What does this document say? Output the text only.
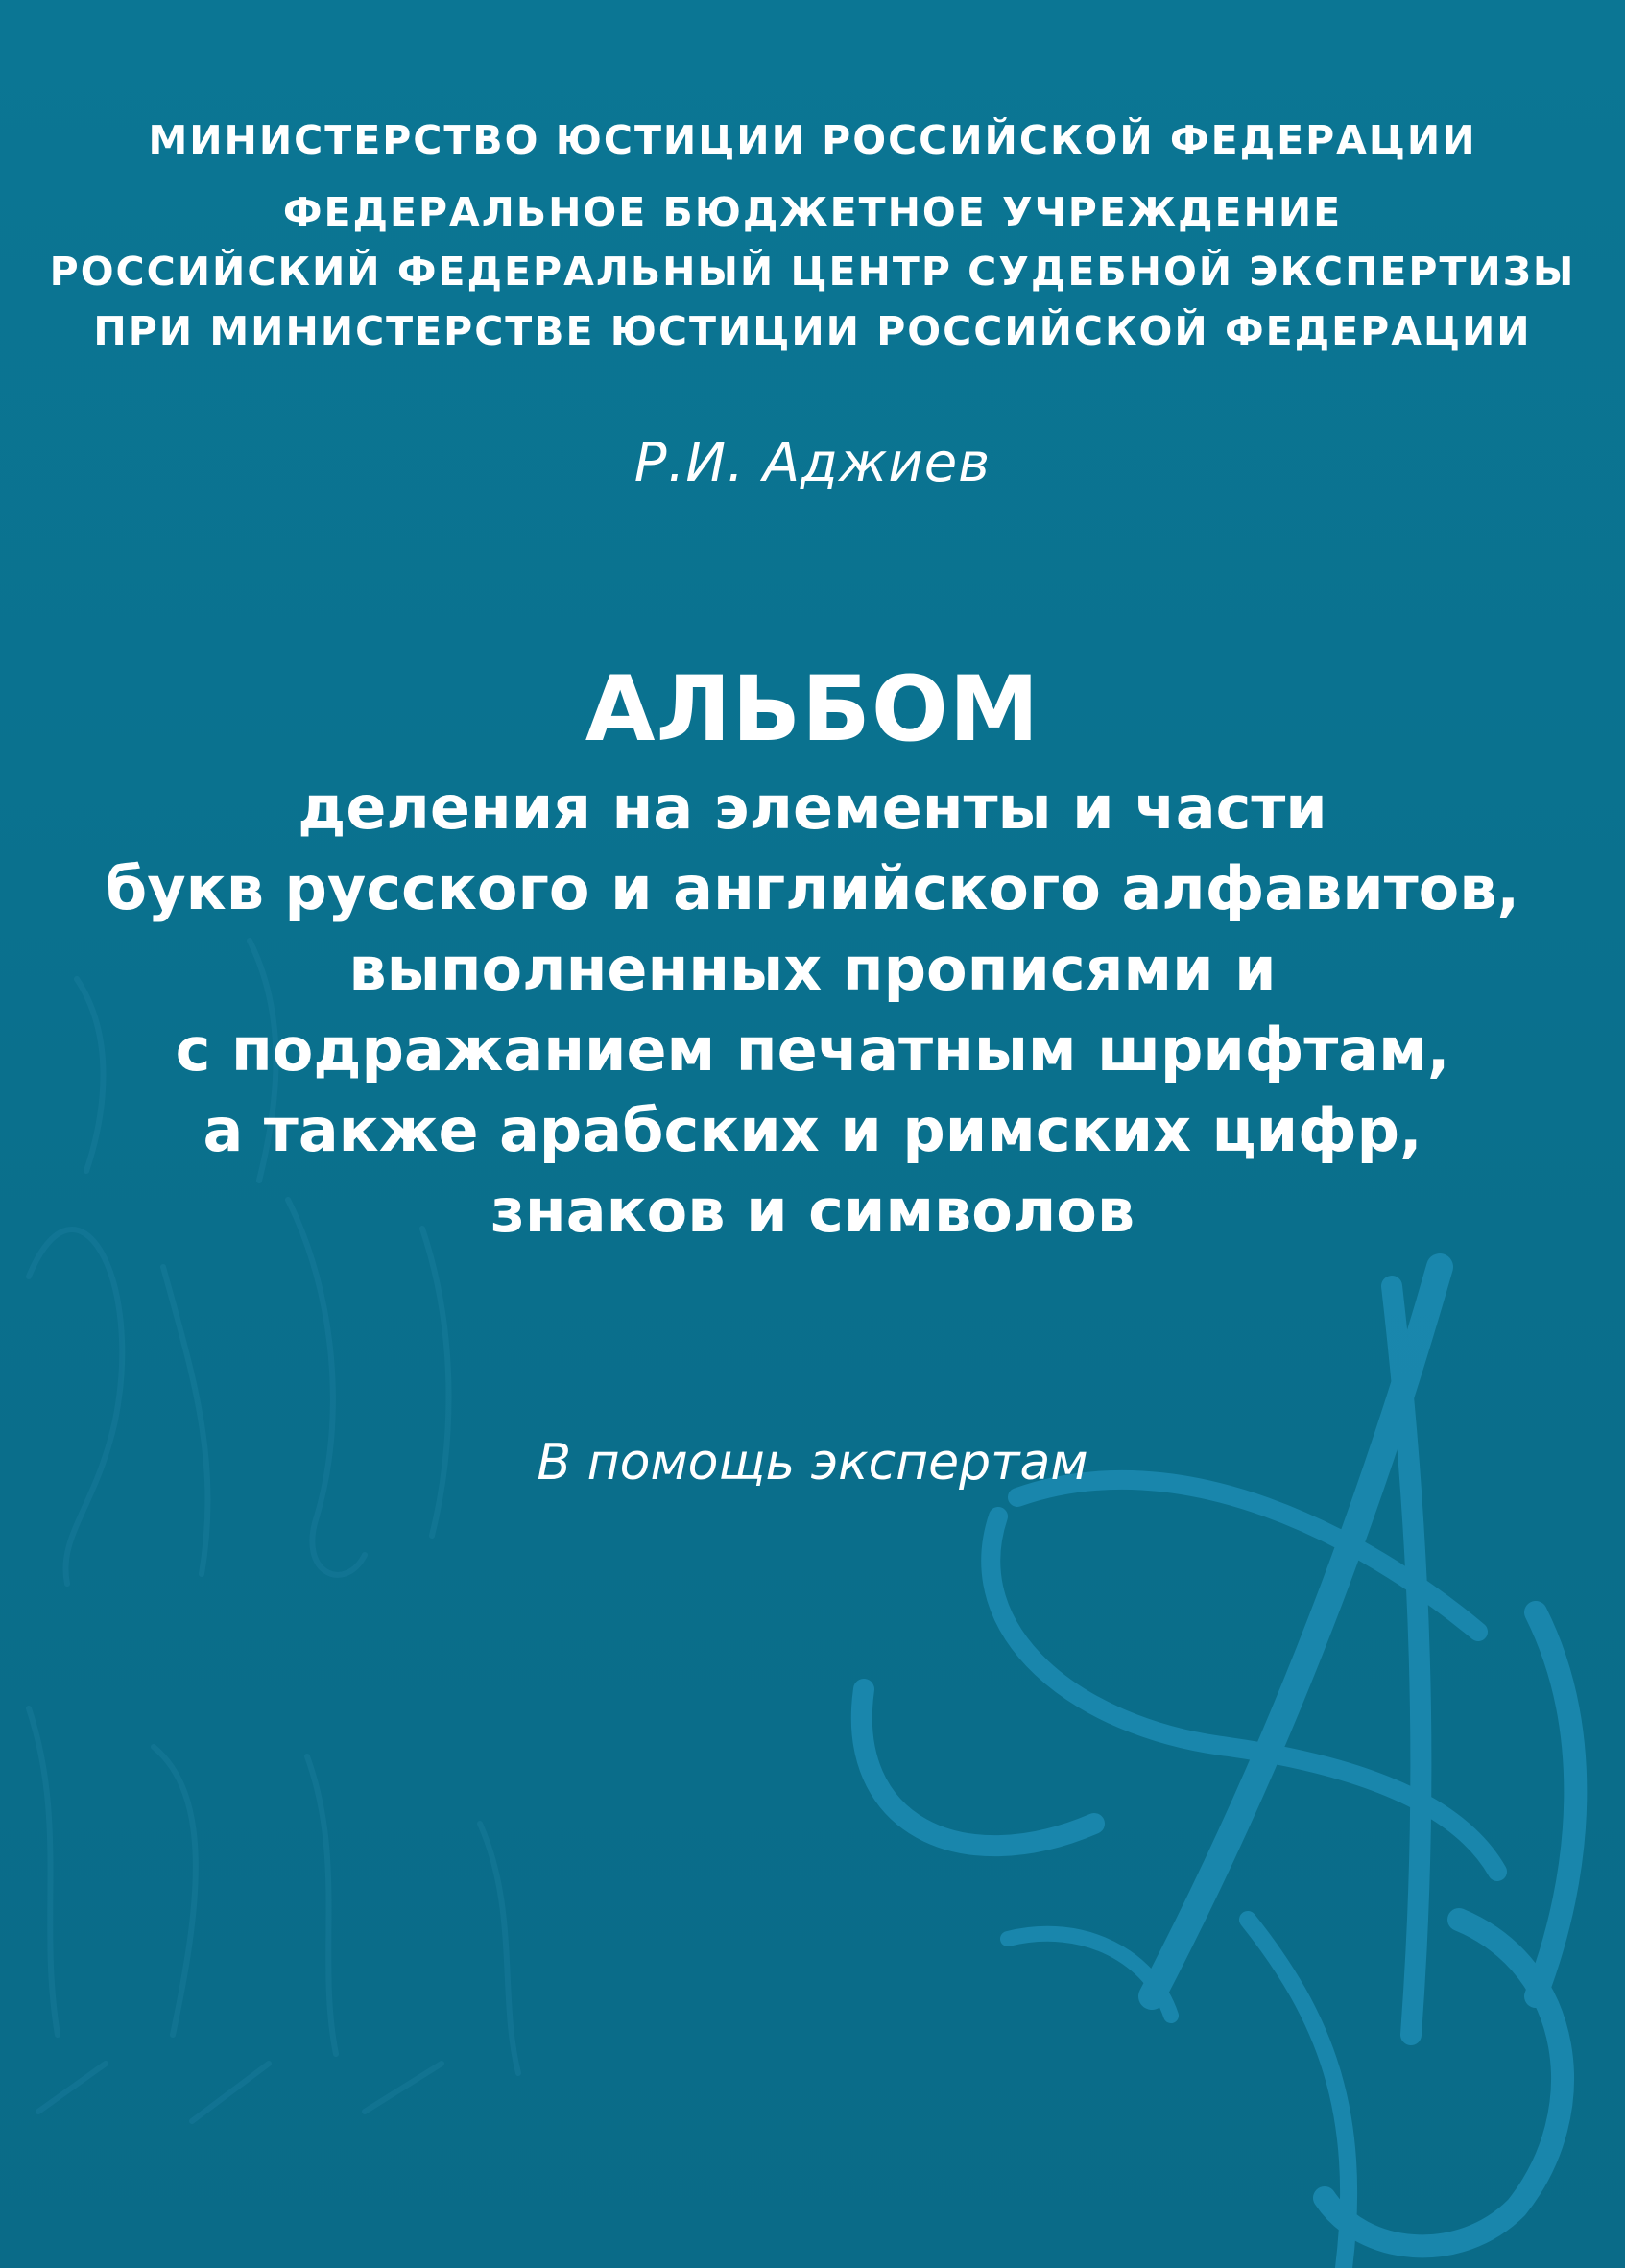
МИНИСТЕРСТВО ЮСТИЦИИ РОССИЙСКОЙ ФЕДЕРАЦИИ
ФЕДЕРАЛЬНОЕ БЮДЖЕТНОЕ УЧРЕЖДЕНИЕ
РОССИЙСКИЙ ФЕДЕРАЛЬНЫЙ ЦЕНТР СУДЕБНОЙ ЭКСПЕРТИЗЫ
ПРИ МИНИСТЕРСТВЕ ЮСТИЦИИ РОССИЙСКОЙ ФЕДЕРАЦИИ
Р.И. Аджиев
АЛЬБОМ
деления на элементы и части
букв русского и английского алфавитов,
выполненных прописями и
с подражанием печатным шрифтам,
а также арабских и римских цифр,
знаков и символов
В помощь экспертам
